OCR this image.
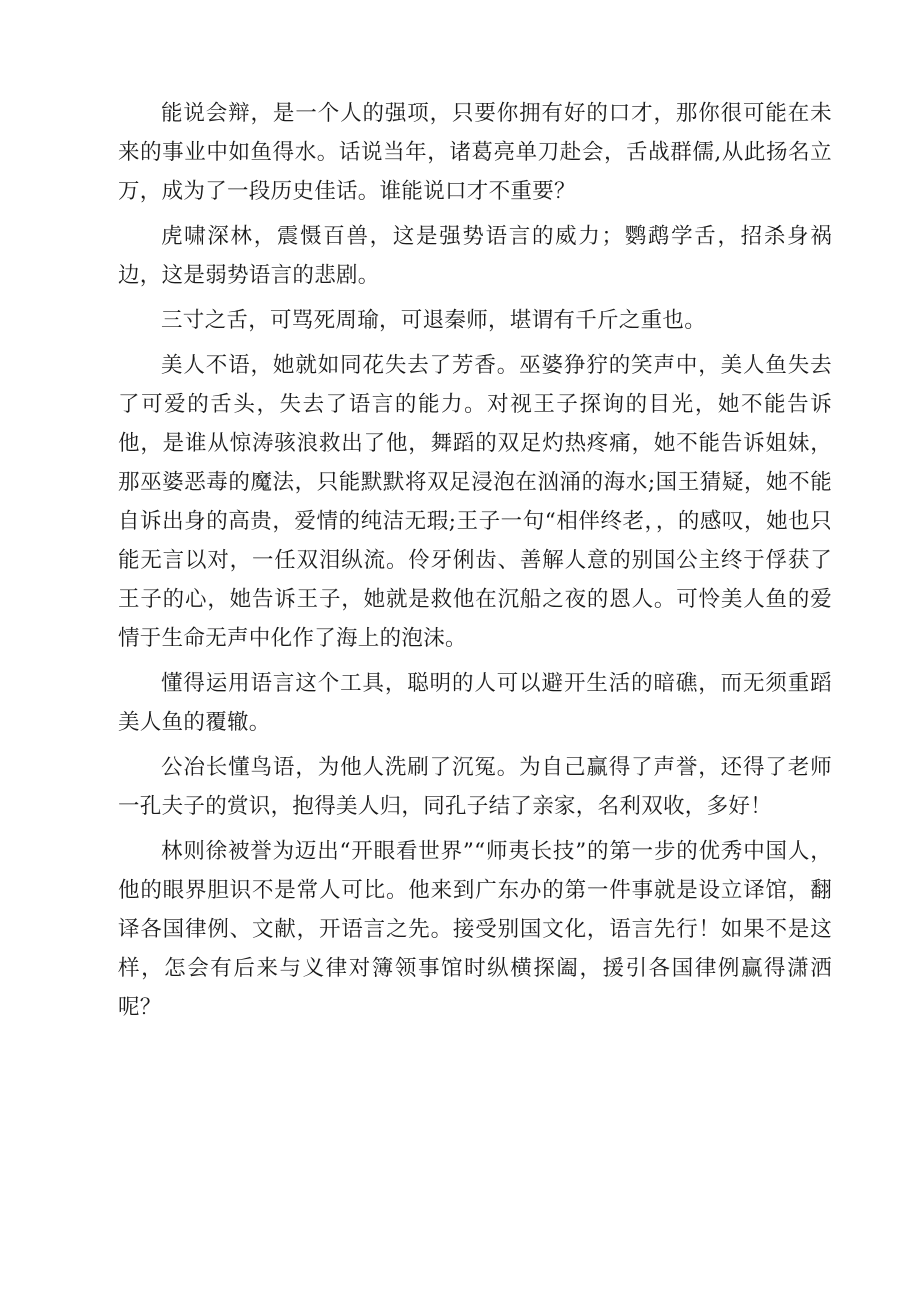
能说会辩，是一个人的强项，只要你拥有好的口才，那你很可能在未来的事业中如鱼得水。话说当年，诸葛亮单刀赴会，舌战群儒,从此扬名立万，成为了一段历史佳话。谁能说口才不重要？

虎啸深林，震慑百兽，这是强势语言的威力；鹦鹉学舌，招杀身祸边，这是弱势语言的悲剧。

三寸之舌，可骂死周瑜，可退秦师，堪谓有千斤之重也。

美人不语，她就如同花失去了芳香。巫婆狰狞的笑声中，美人鱼失去了可爱的舌头，失去了语言的能力。对视王子探询的目光，她不能告诉他，是谁从惊涛骇浪救出了他，舞蹈的双足灼热疼痛，她不能告诉姐妹，那巫婆恶毒的魔法，只能默默将双足浸泡在汹涌的海水;国王猜疑，她不能自诉出身的高贵，爱情的纯洁无瑕;王子一句“相伴终老，，的感叹，她也只能无言以对，一任双泪纵流。伶牙俐齿、善解人意的别国公主终于俘获了王子的心，她告诉王子，她就是救他在沉船之夜的恩人。可怜美人鱼的爱情于生命无声中化作了海上的泡沫。

懂得运用语言这个工具，聪明的人可以避开生活的暗礁，而无须重蹈美人鱼的覆辙。

公冶长懂鸟语，为他人洗刷了沉冤。为自己赢得了声誉，还得了老师一孔夫子的赏识，抱得美人归，同孔子结了亲家，名利双收，多好！

林则徐被誉为迈出“开眼看世界”“师夷长技”的第一步的优秀中国人，他的眼界胆识不是常人可比。他来到广东办的第一件事就是设立译馆，翻译各国律例、文献，开语言之先。接受别国文化，语言先行！如果不是这样，怎会有后来与义律对簿领事馆时纵横探阖，援引各国律例赢得潇洒呢？
